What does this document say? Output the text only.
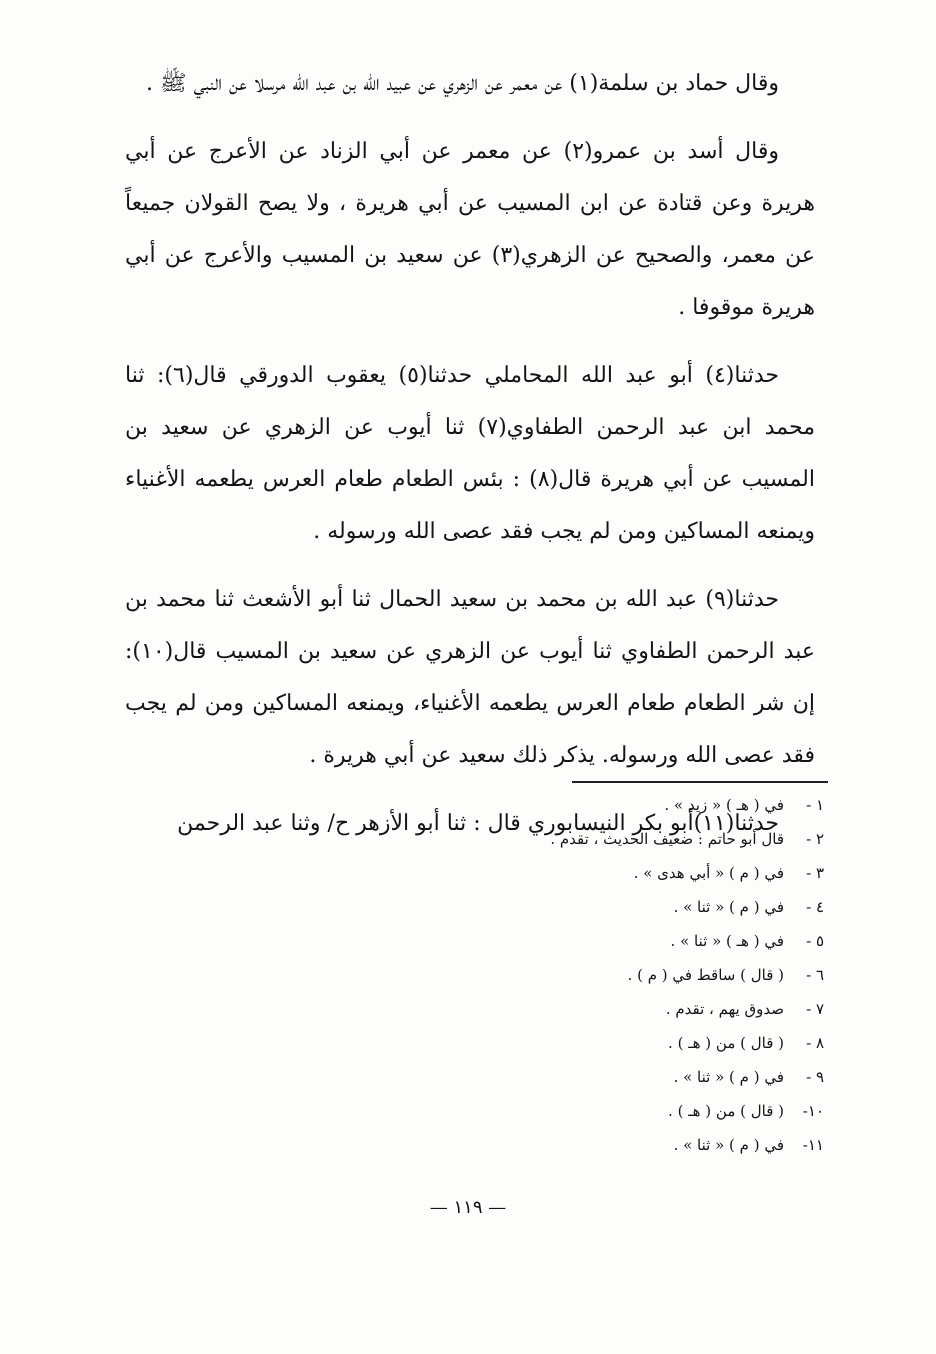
وقال حماد بن سلمة(١) عن معمر عن الزهري عن عبيد الله بن عبد الله مرسلا عن النبي ﷺ .

وقال أسد بن عمرو(٢) عن معمر عن أبي الزناد عن الأعرج عن أبي هريرة وعن قتادة عن ابن المسيب عن أبي هريرة ، ولا يصح القولان جميعاً عن معمر، والصحيح عن الزهري(٣) عن سعيد بن المسيب والأعرج عن أبي هريرة موقوفا .

حدثنا(٤) أبو عبد الله المحاملي حدثنا(٥) يعقوب الدورقي قال(٦): ثنا محمد ابن عبد الرحمن الطفاوي(٧) ثنا أيوب عن الزهري عن سعيد بن المسيب عن أبي هريرة قال(٨) : بئس الطعام طعام العرس يطعمه الأغنياء ويمنعه المساكين ومن لم يجب فقد عصى الله ورسوله .

حدثنا(٩) عبد الله بن محمد بن سعيد الحمال ثنا أبو الأشعث ثنا محمد بن عبد الرحمن الطفاوي ثنا أيوب عن الزهري عن سعيد بن المسيب قال(١٠): إن شر الطعام طعام العرس يطعمه الأغنياء، ويمنعه المساكين ومن لم يجب فقد عصى الله ورسوله. يذكر ذلك سعيد عن أبي هريرة .

حدثنا(١١)أبو بكر النيسابوري قال : ثنا أبو الأزهر ح/ وثنا عبد الرحمن

١ -في ( هـ ) « زيد » .
٢ -قال أبو حاتم : ضعيف الحديث ، تقدم .
٣ -في ( م ) « أبي هدى » .
٤ -في ( م ) « ثنا » .
٥ -في ( هـ ) « ثنا » .
٦ -( قال ) ساقط في ( م ) .
٧ -صدوق يهم ، تقدم .
٨ -( قال ) من ( هـ ) .
٩ -في ( م ) « ثنا » .
١٠-( قال ) من ( هـ ) .
١١-في ( م ) « ثنا » .
— ١١٩ —
